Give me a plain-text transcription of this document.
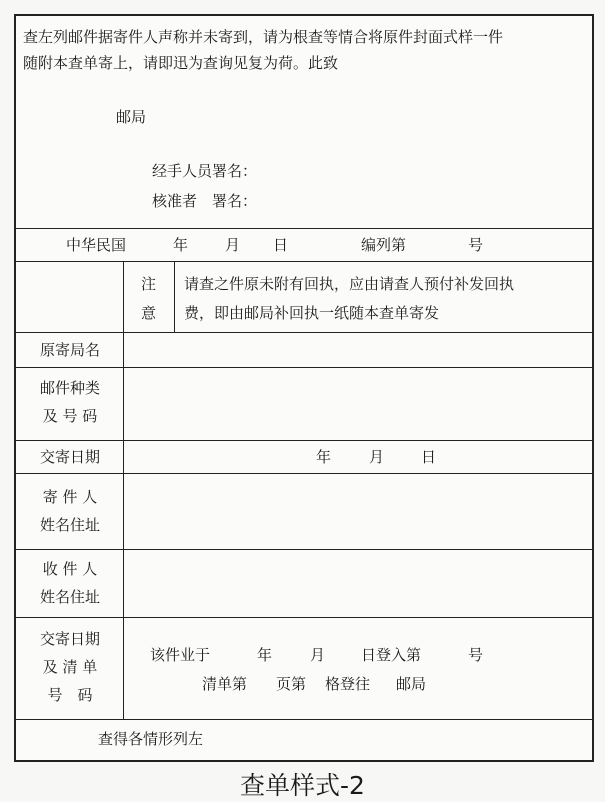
查左列邮件据寄件人声称并未寄到，请为根查等情合将原件封面式样一件
随附本查单寄上，请即迅为查询见复为荷。此致
邮局
经手人员署名：
核准者　署名：
中华民国	年 月 日	编列第	号
注
意
请查之件原未附有回执，应由请查人预付补发回执
费，即由邮局补回执一纸随本查单寄发
原寄局名
邮件种类
及 号 码
交寄日期	年	月 日
寄 件 人
姓名住址
收 件 人
姓名住址
交寄日期
及 清 单
号　码
该件业于	年	月 日登入第	号
清单第 页第 格登往 邮局
查得各情形列左
查单样式-2
